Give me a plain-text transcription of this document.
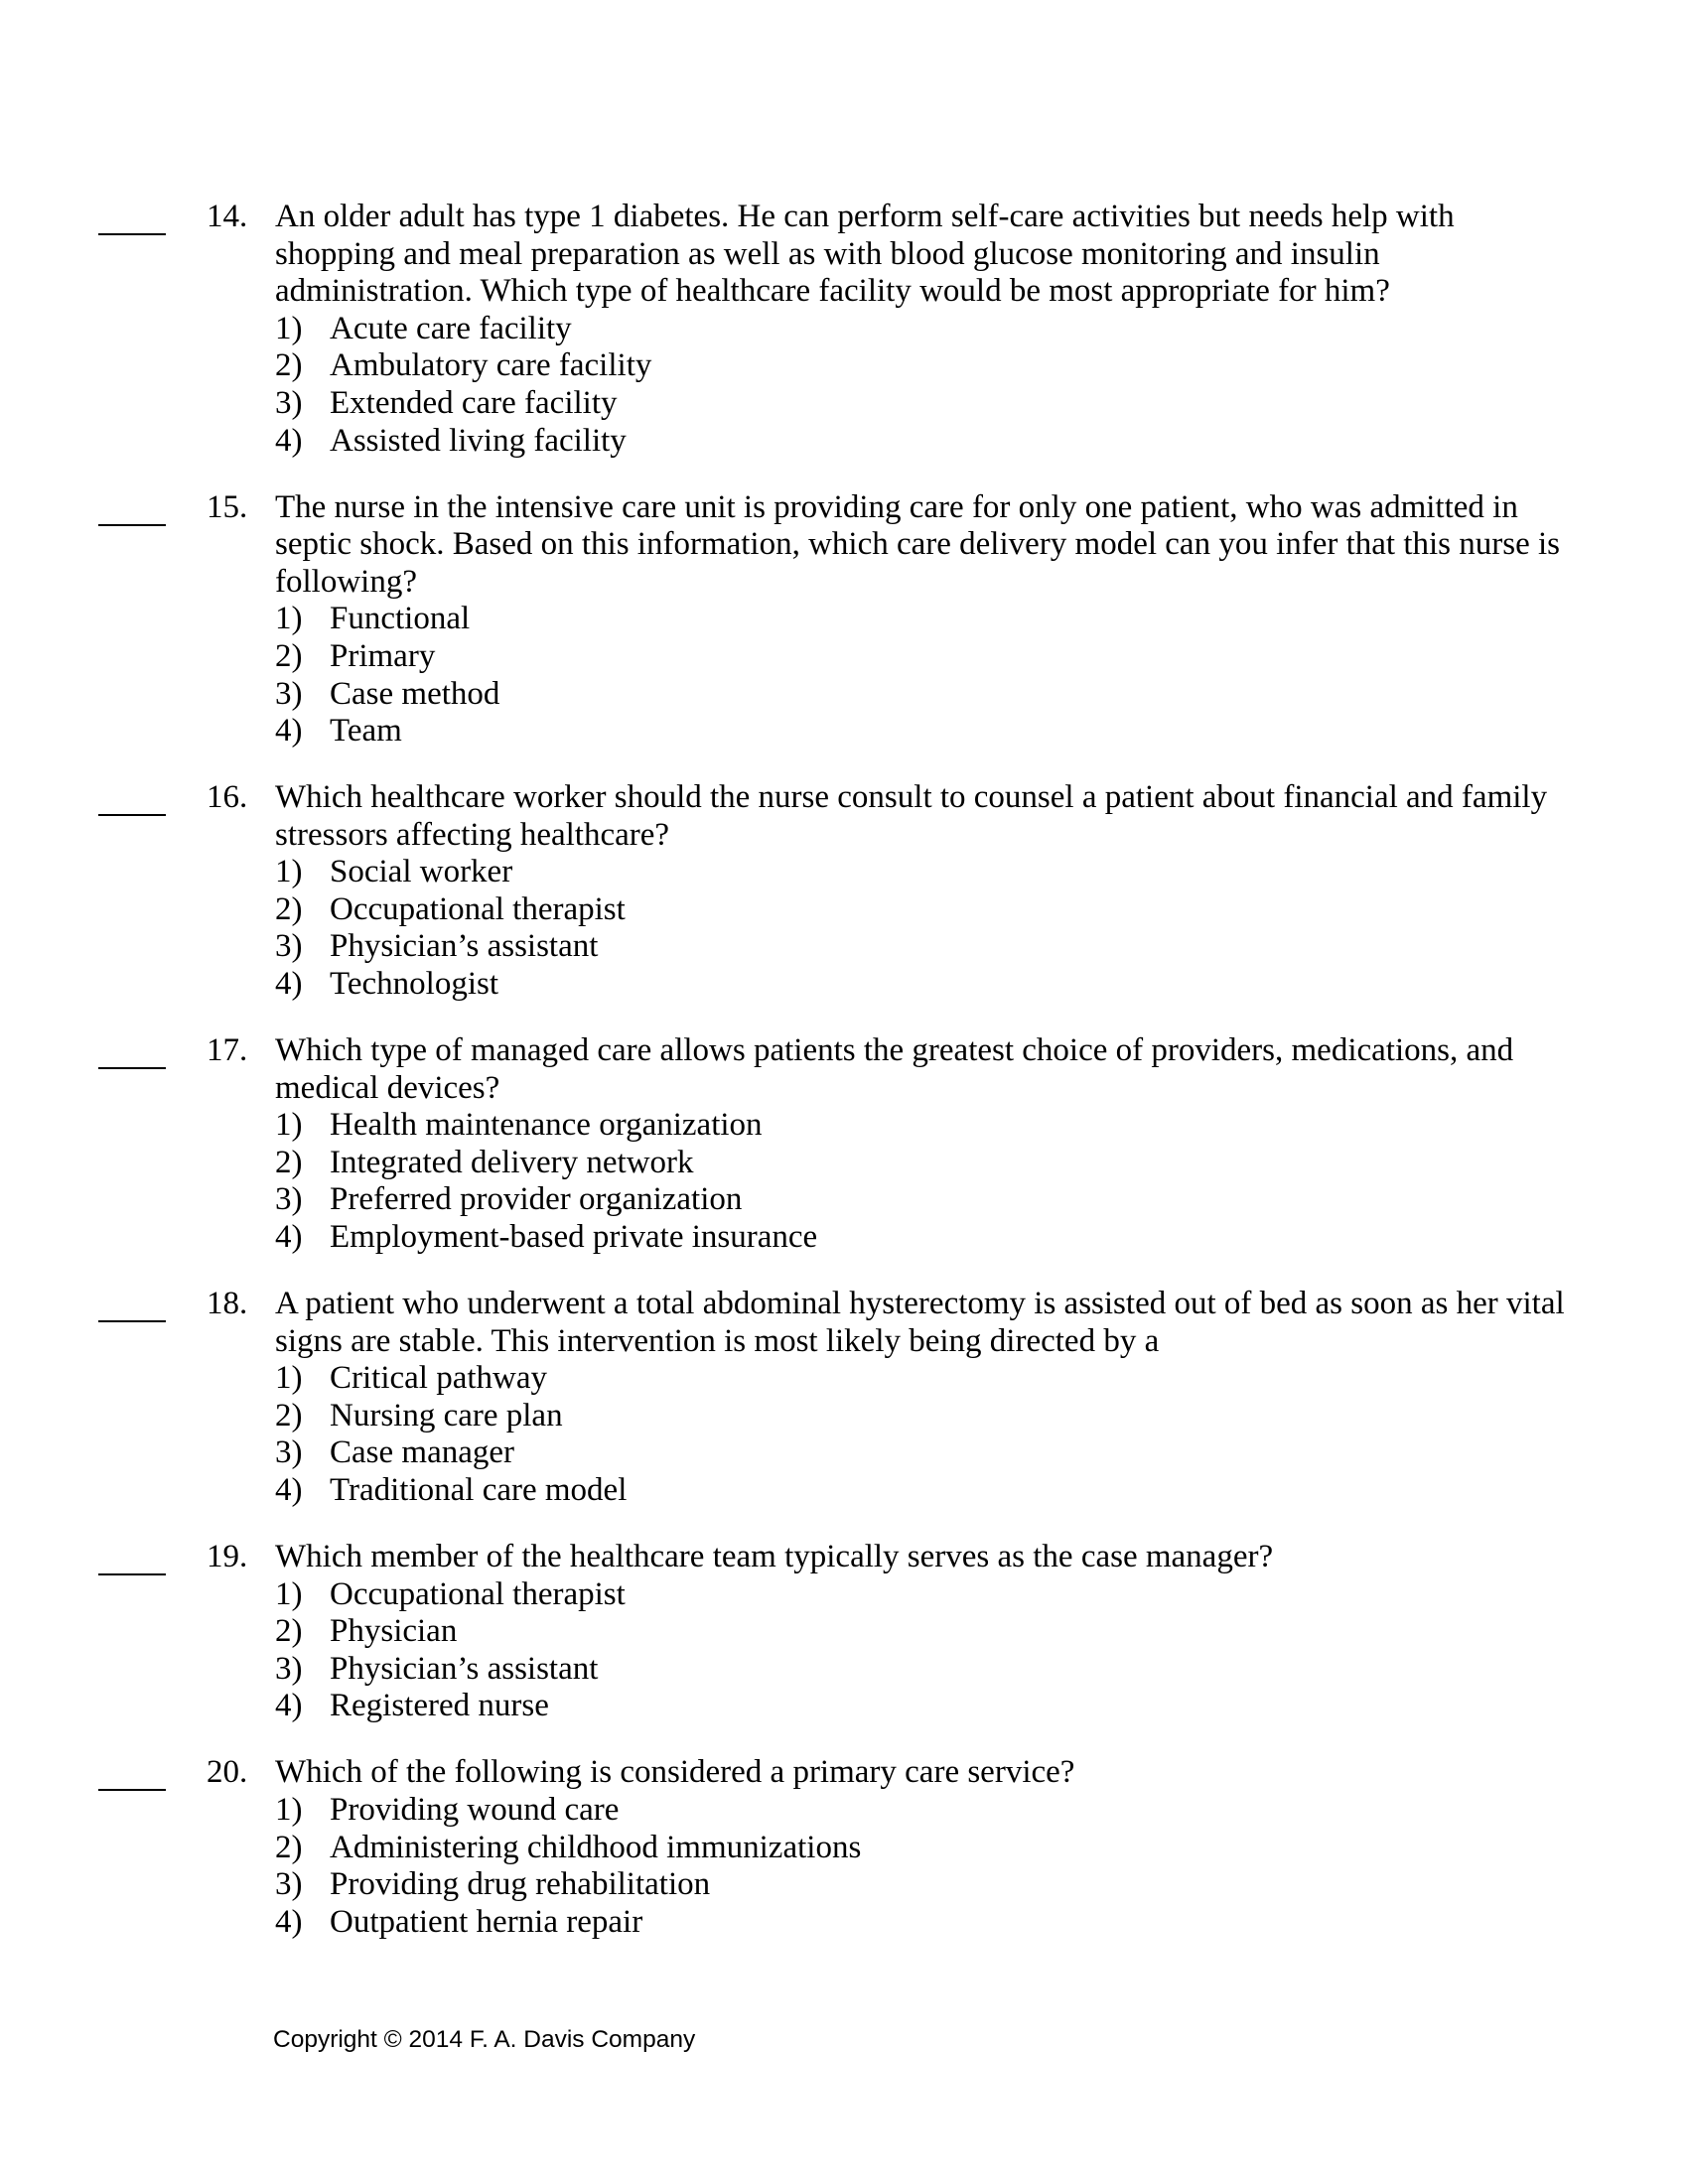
14. An older adult has type 1 diabetes. He can perform self-care activities but needs help with
shopping and meal preparation as well as with blood glucose monitoring and insulin
administration. Which type of healthcare facility would be most appropriate for him?
1) Acute care facility
2) Ambulatory care facility
3) Extended care facility
4) Assisted living facility
15. The nurse in the intensive care unit is providing care for only one patient, who was admitted in
septic shock. Based on this information, which care delivery model can you infer that this nurse is
following?
1) Functional
2) Primary
3) Case method
4) Team
16. Which healthcare worker should the nurse consult to counsel a patient about financial and family
stressors affecting healthcare?
1) Social worker
2) Occupational therapist
3) Physician’s assistant
4) Technologist
17. Which type of managed care allows patients the greatest choice of providers, medications, and
medical devices?
1) Health maintenance organization
2) Integrated delivery network
3) Preferred provider organization
4) Employment-based private insurance
18. A patient who underwent a total abdominal hysterectomy is assisted out of bed as soon as her vital
signs are stable. This intervention is most likely being directed by a
1) Critical pathway
2) Nursing care plan
3) Case manager
4) Traditional care model
19. Which member of the healthcare team typically serves as the case manager?
1) Occupational therapist
2) Physician
3) Physician’s assistant
4) Registered nurse
20. Which of the following is considered a primary care service?
1) Providing wound care
2) Administering childhood immunizations
3) Providing drug rehabilitation
4) Outpatient hernia repair
Copyright © 2014 F. A. Davis Company
